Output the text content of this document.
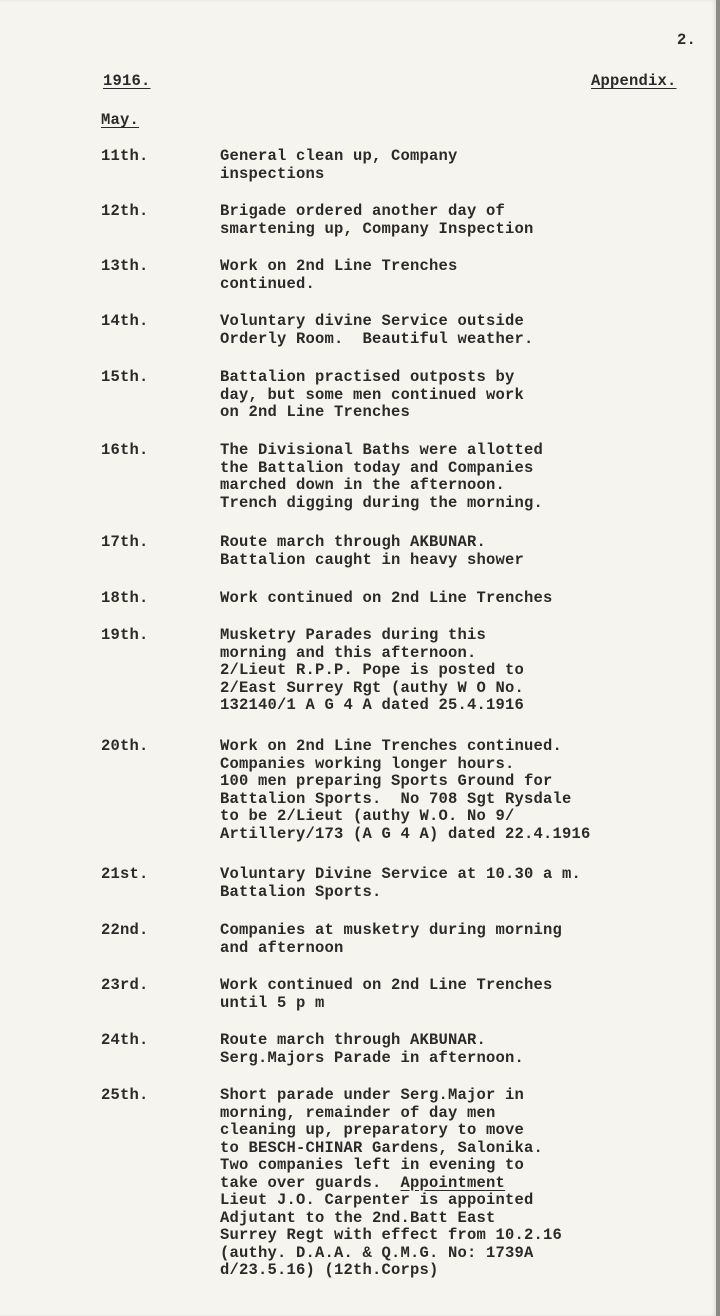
2.
1916.	Appendix.
May.
11th.	General clean up, Company
inspections
12th.	Brigade ordered another day of
smartening up, Company Inspection
13th.	Work on 2nd Line Trenches
continued.
14th.	Voluntary divine Service outside
Orderly Room.  Beautiful weather.
15th.	Battalion practised outposts by
day, but some men continued work
on 2nd Line Trenches
16th.	The Divisional Baths were allotted
the Battalion today and Companies
marched down in the afternoon.
Trench digging during the morning.
17th.	Route march through AKBUNAR.
Battalion caught in heavy shower
18th.	Work continued on 2nd Line Trenches
19th.	Musketry Parades during this
morning and this afternoon.
2/Lieut R.P.P. Pope is posted to
2/East Surrey Rgt (authy W O No.
132140/1 A G 4 A dated 25.4.1916
20th.	Work on 2nd Line Trenches continued.
Companies working longer hours.
100 men preparing Sports Ground for
Battalion Sports.  No 708 Sgt Rysdale
to be 2/Lieut (authy W.O. No 9/
Artillery/173 (A G 4 A) dated 22.4.1916
21st.	Voluntary Divine Service at 10.30 a m.
Battalion Sports.
22nd.	Companies at musketry during morning
and afternoon
23rd.	Work continued on 2nd Line Trenches
until 5 p m
24th.	Route march through AKBUNAR.
Serg.Majors Parade in afternoon.
25th.	Short parade under Serg.Major in
morning, remainder of day men
cleaning up, preparatory to move
to BESCH-CHINAR Gardens, Salonika.
Two companies left in evening to
take over guards. Appointment
Lieut J.O. Carpenter is appointed
Adjutant to the 2nd.Batt East
Surrey Regt with effect from 10.2.16
(authy. D.A.A. & Q.M.G. No: 1739A
d/23.5.16) (12th.Corps)
